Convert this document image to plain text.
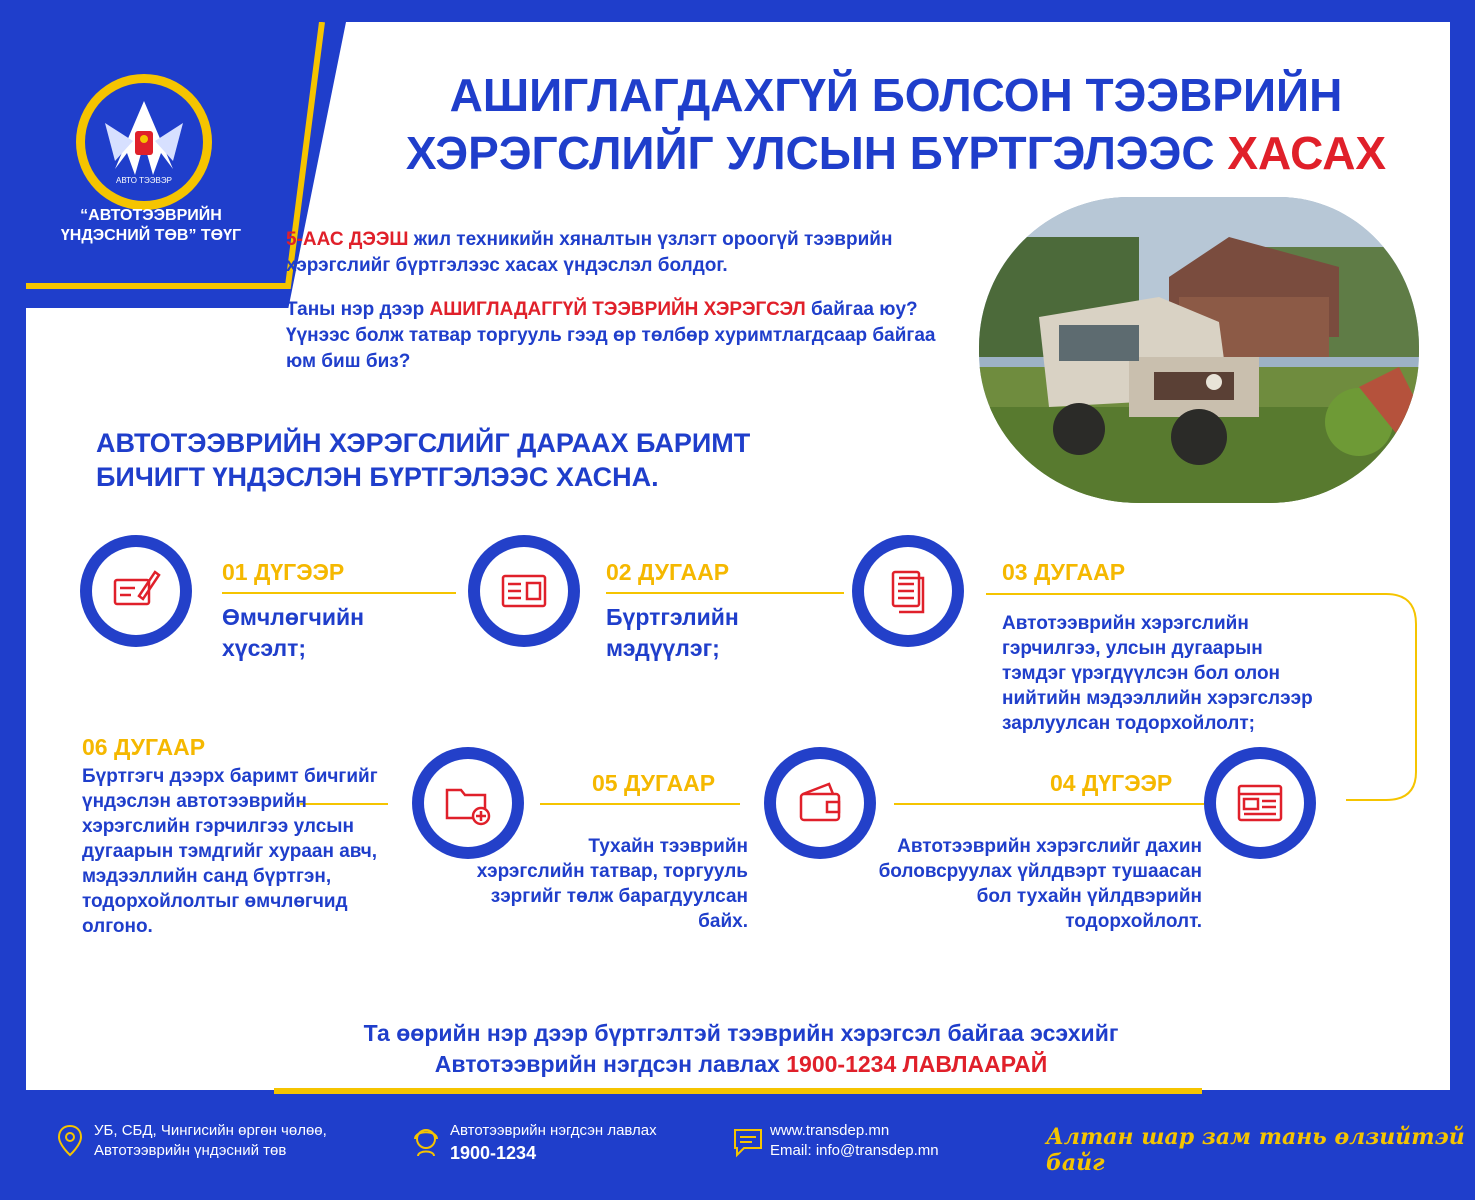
АВТО ТЭЭВЭР
“АВТОТЭЭВРИЙН
ҮНДЭСНИЙ ТӨВ” ТӨҮГ
АШИГЛАГДАХГҮЙ БОЛСОН ТЭЭВРИЙН
ХЭРЭГСЛИЙГ УЛСЫН БҮРТГЭЛЭЭС ХАСАХ

5-ААС ДЭЭШ жил техникийн хяналтын үзлэгт ороогүй тээврийн хэрэгслийг бүртгэлээс хасах үндэслэл болдог.

Таны нэр дээр АШИГЛАДАГГҮЙ ТЭЭВРИЙН ХЭРЭГСЭЛ байгаа юу? Үүнээс болж татвар торгууль гээд өр төлбөр хуримтлагдсаар байгаа юм биш биз?

АВТОТЭЭВРИЙН ХЭРЭГСЛИЙГ ДАРААХ БАРИМТ
БИЧИГТ ҮНДЭСЛЭН БҮРТГЭЛЭЭС ХАСНА.
01 ДҮГЭЭР
Өмчлөгчийн хүсэлт;
02 ДУГААР
Бүртгэлийн мэдүүлэг;
03 ДУГААР
Автотээврийн хэрэгслийн гэрчилгээ, улсын дугаарын тэмдэг үрэгдүүлсэн бол олон нийтийн мэдээллийн хэрэгслээр зарлуулсан тодорхойлолт;
04 ДҮГЭЭР
Автотээврийн хэрэгслийг дахин боловсруулах үйлдвэрт тушаасан бол тухайн үйлдвэрийн тодорхойлолт.
05 ДУГААР
Тухайн тээврийн хэрэгслийн татвар, торгууль зэргийг төлж барагдуулсан байх.
06 ДУГААР
Бүртгэгч дээрх баримт бичгийг үндэслэн автотээврийн хэрэгслийн гэрчилгээ улсын дугаарын тэмдгийг хураан авч, мэдээллийн санд бүртгэн, тодорхойлолтыг өмчлөгчид олгоно.
Та өөрийн нэр дээр бүртгэлтэй тээврийн хэрэгсэл байгаа эсэхийг
Автотээврийн нэгдсэн лавлах 1900-1234 ЛАВЛААРАЙ
УБ, СБД, Чингисийн өргөн чөлөө,
Автотээврийн үндэсний төв
Автотээврийн нэгдсэн лавлах
1900-1234
www.transdep.mn
Email: info@transdep.mn
Алтан шар зам тань өлзийтэй байг
